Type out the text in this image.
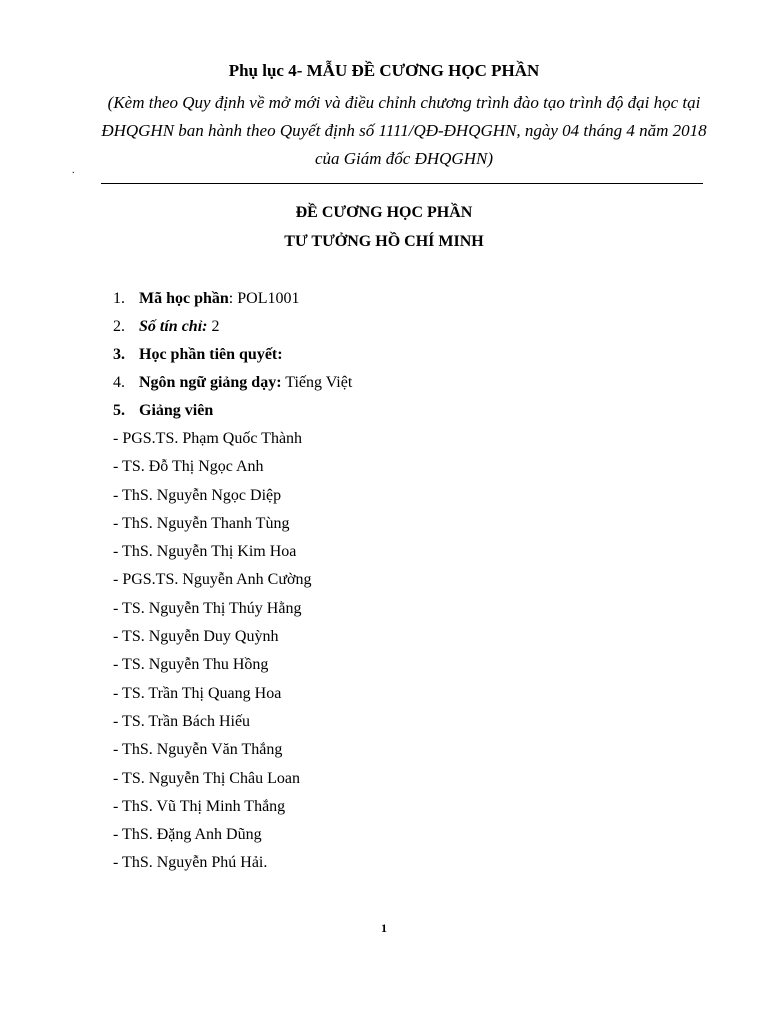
Phụ lục 4- MẪU ĐỀ CƯƠNG HỌC PHẦN
(Kèm theo Quy định về mở mới và điều chỉnh chương trình đào tạo trình độ đại học tại ĐHQGHN ban hành theo Quyết định số 1111/QĐ-ĐHQGHN, ngày 04 tháng 4 năm 2018 của Giám đốc ĐHQGHN)
.
ĐỀ CƯƠNG HỌC PHẦN
TƯ TƯỞNG HỒ CHÍ MINH
1. Mã học phần: POL1001
2. Số tín chỉ: 2
3. Học phần tiên quyết:
4. Ngôn ngữ giảng dạy: Tiếng Việt
5. Giảng viên
- PGS.TS. Phạm Quốc Thành
- TS. Đỗ Thị Ngọc Anh
- ThS. Nguyễn Ngọc Diệp
- ThS. Nguyễn Thanh Tùng
- ThS. Nguyễn Thị Kim Hoa
- PGS.TS. Nguyễn Anh Cường
- TS. Nguyễn Thị Thúy Hằng
- TS. Nguyễn Duy Quỳnh
- TS. Nguyễn Thu Hồng
- TS. Trần Thị Quang Hoa
- TS. Trần Bách Hiếu
- ThS. Nguyễn Văn Thắng
- TS. Nguyễn Thị Châu Loan
- ThS. Vũ Thị Minh Thắng
- ThS. Đặng Anh Dũng
- ThS. Nguyễn Phú Hải.
1
